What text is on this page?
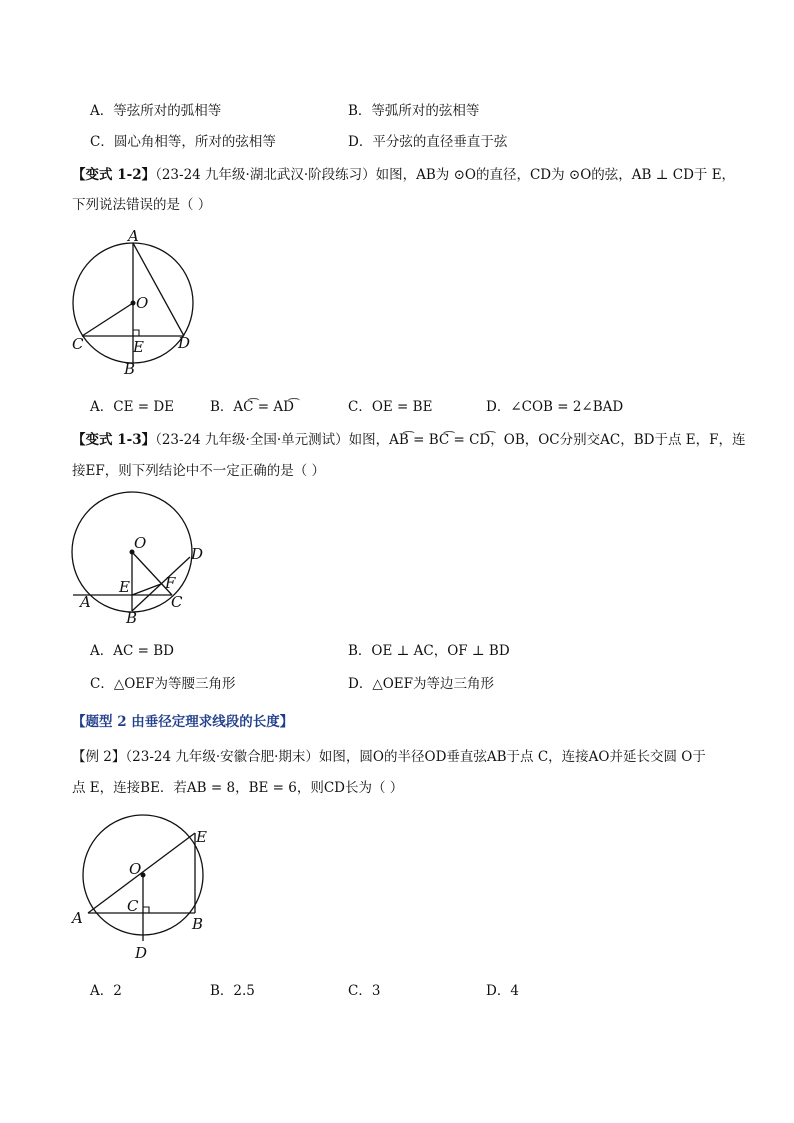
A．等弦所对的弧相等	B．等弧所对的弦相等
C．圆心角相等，所对的弦相等	D．平分弦的直径垂直于弦
【变式 1-2】（23-24 九年级·湖北武汉·阶段练习）如图，AB为 ⊙O的直径，CD为 ⊙O的弦，AB ⊥ CD于 E，
下列说法错误的是（ ）
A
O
C	E D
B
A．CE = DE	B．AC͡ = AD͡	C．OE = BE	D．∠COB = 2∠BAD
【变式 1-3】（23-24 九年级·全国·单元测试）如图，AB͡ = BC͡ = CD͡，OB，OC分别交AC，BD于点 E，F，连
接EF，则下列结论中不一定正确的是（ ）
O
D
F
E
A	C
B
A．AC = BD	B．OE ⊥ AC，OF ⊥ BD
C．△OEF为等腰三角形	D．△OEF为等边三角形
【题型 2 由垂径定理求线段的长度】
【例 2】（23-24 九年级·安徽合肥·期末）如图，圆O的半径OD垂直弦AB于点 C，连接AO并延长交圆 O于
点 E，连接BE．若AB = 8，BE = 6，则CD长为（ ）
E
O
C
A	B
D
A．2	B．2.5	C．3	D．4
